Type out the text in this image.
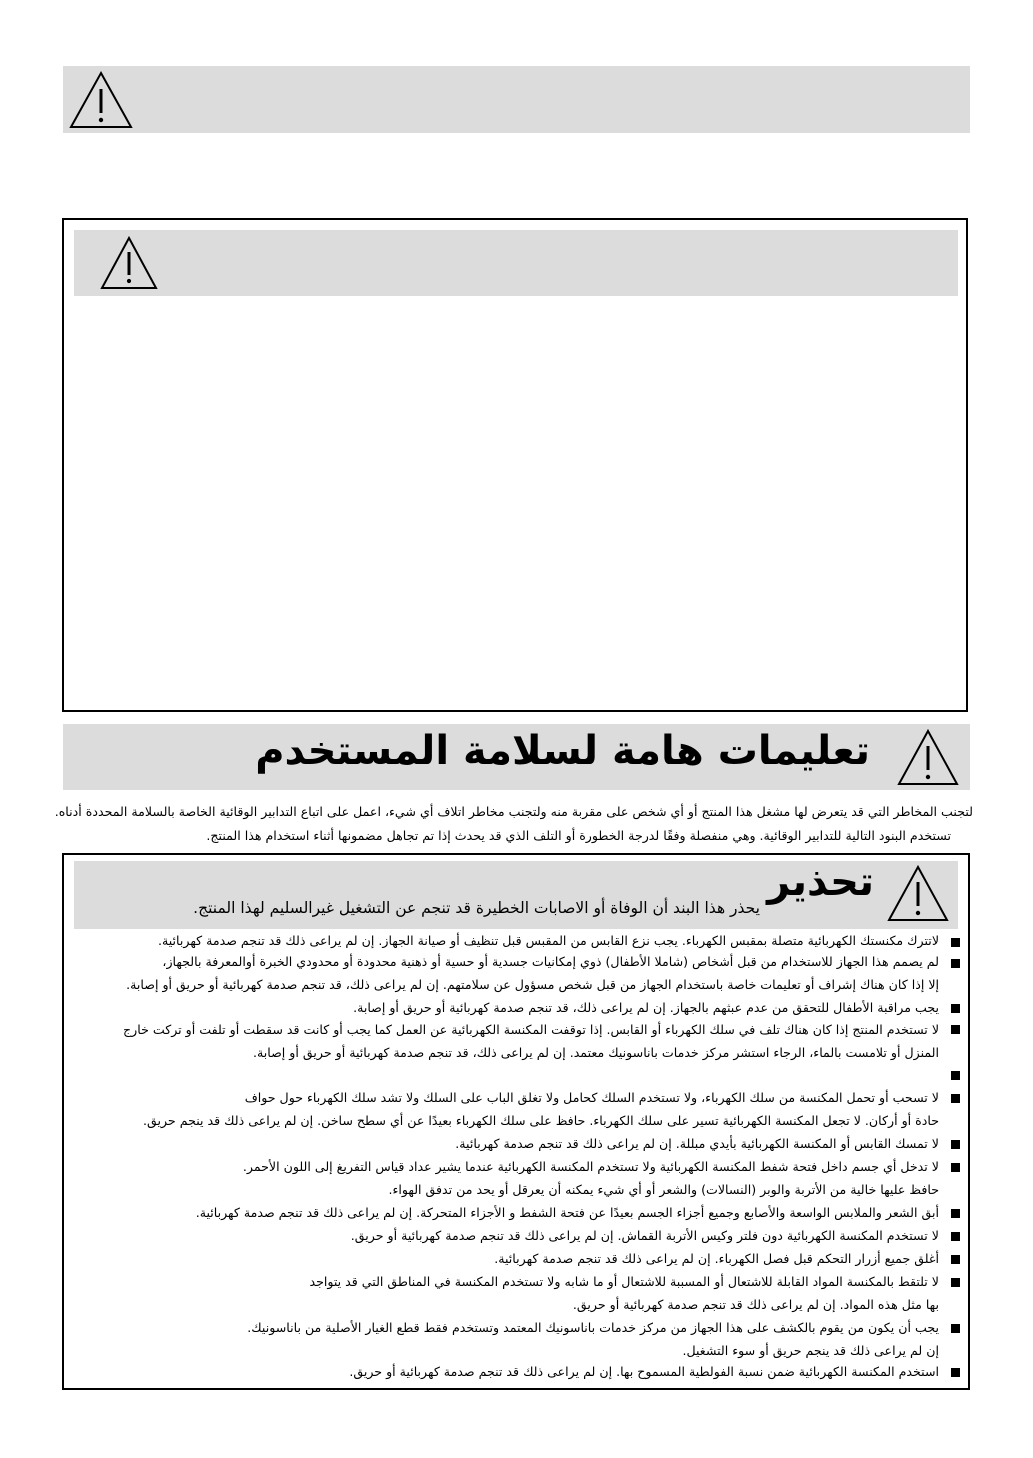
تعليمات هامة لسلامة المستخدم
لتجنب المخاطر التي قد يتعرض لها مشغل هذا المنتج أو أي شخص على مقربة منه ولتجنب مخاطر اتلاف أي شيء، اعمل على اتباع التدابير الوقائية الخاصة بالسلامة المحددة أدناه.
تستخدم البنود التالية للتدابير الوقائية. وهي منفصلة وفقًا لدرجة الخطورة أو التلف الذي قد يحدث إذا تم تجاهل مضمونها أثناء استخدام هذا المنتج.
تحذير
يحذر هذا البند أن الوفاة أو الاصابات الخطيرة قد تنجم عن التشغيل غيرالسليم لهذا المنتج.
لاتترك مكنستك الكهربائية متصلة بمقبس الكهرباء. يجب نزع القابس من المقبس قبل تنظيف أو صيانة الجهاز. إن لم يراعى ذلك قد تنجم صدمة كهربائية.
لم يصمم هذا الجهاز للاستخدام من قبل أشخاص (شاملا الأطفال) ذوي إمكانيات جسدية أو حسية أو ذهنية محدودة أو محدودي الخبرة أوالمعرفة بالجهاز،
إلا إذا كان هناك إشراف أو تعليمات خاصة باستخدام الجهاز من قبل شخص مسؤول عن سلامتهم. إن لم يراعى ذلك، قد تنجم صدمة كهربائية أو حريق أو إصابة.
يجب مراقبة الأطفال للتحقق من عدم عبثهم بالجهاز. إن لم يراعى ذلك، قد تنجم صدمة كهربائية أو حريق أو إصابة.
لا تستخدم المنتج إذا كان هناك تلف في سلك الكهرباء أو القابس. إذا توقفت المكنسة الكهربائية عن العمل كما يجب أو كانت قد سقطت أو تلفت أو تركت خارج
المنزل أو تلامست بالماء، الرجاء استشر مركز خدمات باناسونيك معتمد. إن لم يراعى ذلك، قد تنجم صدمة كهربائية أو حريق أو إصابة.
لا تسحب أو تحمل المكنسة من سلك الكهرباء، ولا تستخدم السلك كحامل ولا تغلق الباب على السلك ولا تشد سلك الكهرباء حول حواف
حادة أو أركان. لا تجعل المكنسة الكهربائية تسير على سلك الكهرباء. حافظ على سلك الكهرباء بعيدًا عن أي سطح ساخن. إن لم يراعى ذلك قد ينجم حريق.
لا تمسك القابس أو المكنسة الكهربائية بأيدي مبللة. إن لم يراعى ذلك قد تنجم صدمة كهربائية.
لا تدخل أي جسم داخل فتحة شفط المكنسة الكهربائية ولا تستخدم المكنسة الكهربائية عندما يشير عداد قياس التفريغ إلى اللون الأحمر.
حافظ عليها خالية من الأتربة والوبر (النسالات) والشعر أو أي شيء يمكنه أن يعرقل أو يحد من تدفق الهواء.
أبق الشعر والملابس الواسعة والأصابع وجميع أجزاء الجسم بعيدًا عن فتحة الشفط و الأجزاء المتحركة. إن لم يراعى ذلك قد تنجم صدمة كهربائية.
لا تستخدم المكنسة الكهربائية دون فلتر وكيس الأتربة القماش. إن لم يراعى ذلك قد تنجم صدمة كهربائية أو حريق.
أغلق جميع أزرار التحكم قبل فصل الكهرباء. إن لم يراعى ذلك قد تنجم صدمة كهربائية.
لا تلتقط بالمكنسة المواد القابلة للاشتعال أو المسببة للاشتعال أو ما شابه ولا تستخدم المكنسة في المناطق التي قد يتواجد
بها مثل هذه المواد. إن لم يراعى ذلك قد تنجم صدمة كهربائية أو حريق.
يجب أن يكون من يقوم بالكشف على هذا الجهاز من مركز خدمات باناسونيك المعتمد وتستخدم فقط قطع الغيار الأصلية من باناسونيك.
إن لم يراعى ذلك قد ينجم حريق أو سوء التشغيل.
استخدم المكنسة الكهربائية ضمن نسبة الفولطية المسموح بها. إن لم يراعى ذلك قد تنجم صدمة كهربائية أو حريق.
